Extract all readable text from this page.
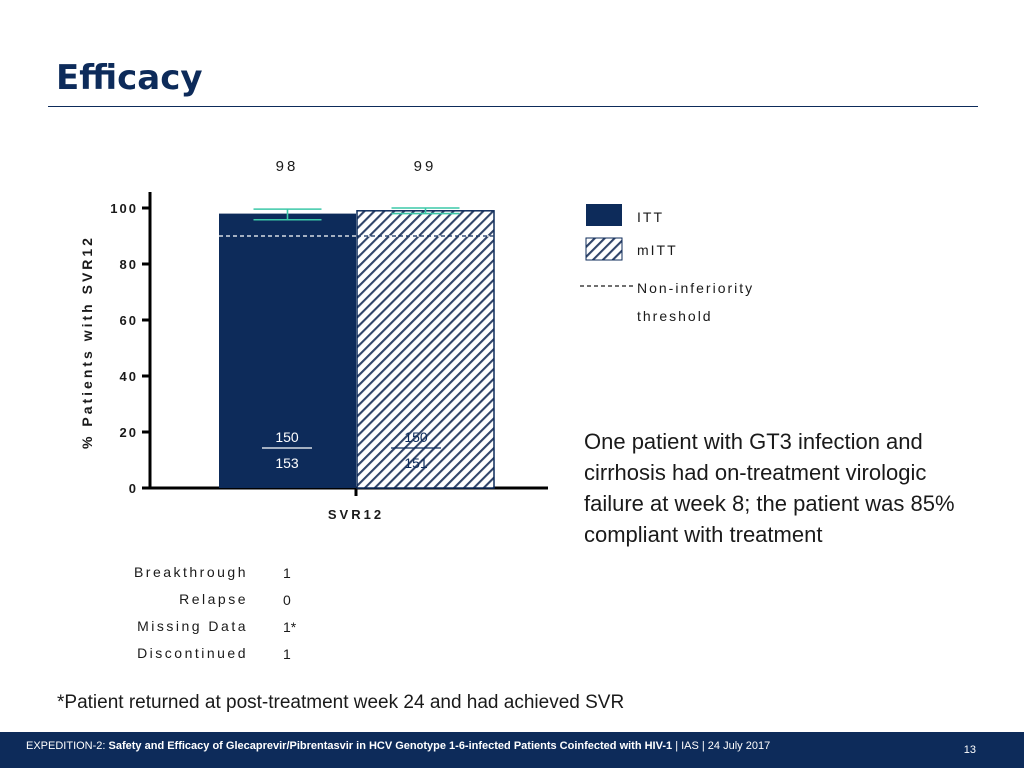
Efficacy
0
20
40
60
80
100
98	99
150
153
150
151
ITT
mITT
Non-inferiority
threshold
% Patients with SVR12
SVR12
One patient with GT3 infection and cirrhosis had on-treatment virologic failure at week 8; the patient was 85% compliant with treatment
Breakthrough	1
Relapse	0
Missing Data	1*
Discontinued	1
*Patient returned at post-treatment week 24 and had achieved SVR
EXPEDITION-2: Safety and Efficacy of Glecaprevir/Pibrentasvir in HCV Genotype 1-6-infected Patients Coinfected with HIV-1 | IAS | 24 July 2017	13
